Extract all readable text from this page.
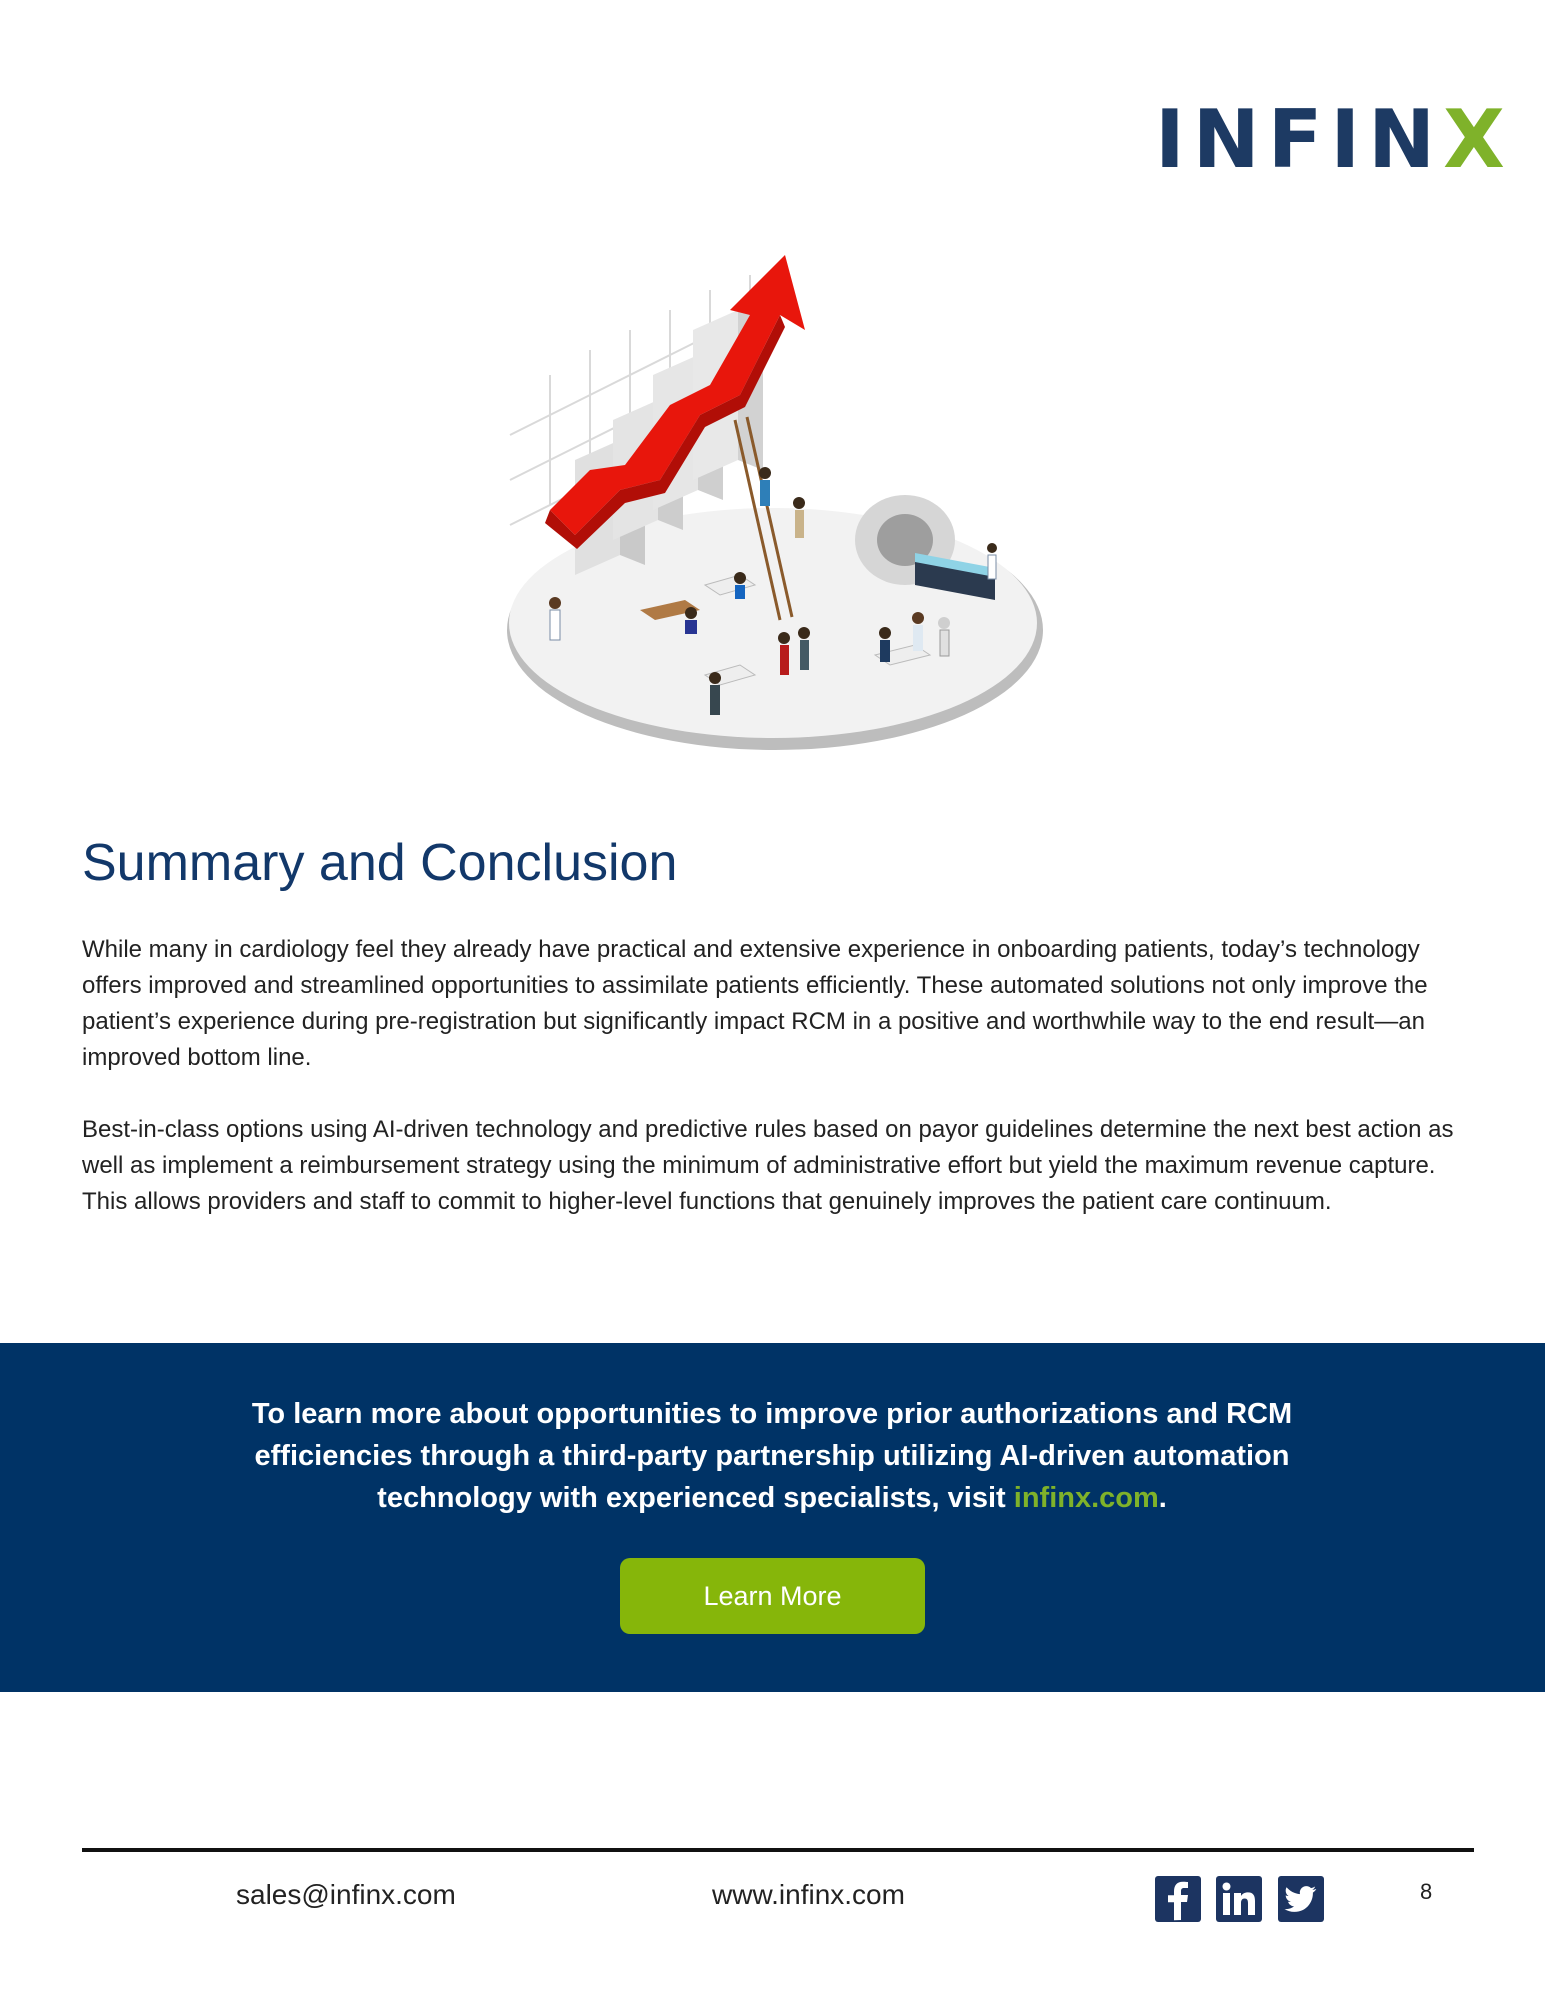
INFINX
Summary and Conclusion

While many in cardiology feel they already have practical and extensive experience in onboarding patients, today’s technology offers improved and streamlined opportunities to assimilate patients efficiently. These automated solutions not only improve the patient’s experience during pre-registration but significantly impact RCM in a positive and worthwhile way to the end result—an improved bottom line.

Best-in-class options using AI-driven technology and predictive rules based on payor guidelines determine the next best action as well as implement a reimbursement strategy using the minimum of administrative effort but yield the maximum revenue capture. This allows providers and staff to commit to higher-level functions that genuinely improves the patient care continuum.

To learn more about opportunities to improve prior authorizations and RCM efficiencies through a third-party partnership utilizing AI-driven automation technology with experienced specialists, visit infinx.com.

Learn More
sales@infinx.com	www.infinx.com	8
